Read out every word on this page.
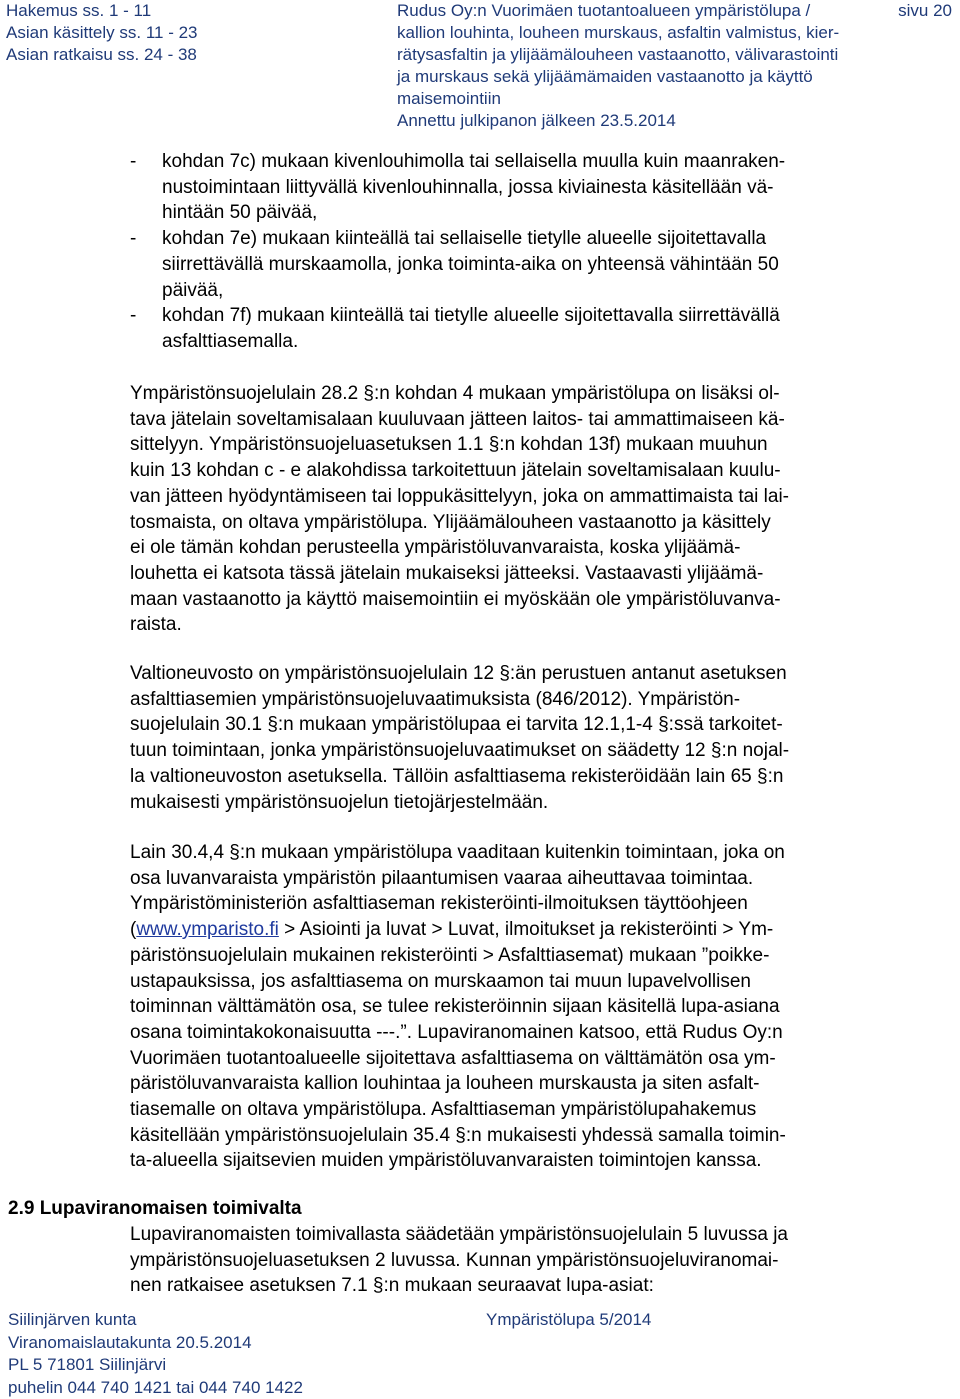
Hakemus ss. 1 - 11
Asian käsittely ss. 11 - 23
Asian ratkaisu ss. 24 - 38
Rudus Oy:n Vuorimäen tuotantoalueen ympäristölupa /
kallion louhinta, louheen murskaus, asfaltin valmistus, kier-
rätysasfaltin ja ylijäämälouheen vastaanotto, välivarastointi
ja murskaus sekä ylijäämämaiden vastaanotto ja käyttö
maisemointiin
Annettu julkipanon jälkeen 23.5.2014
sivu 20
- kohdan 7c) mukaan kivenlouhimolla tai sellaisella muulla kuin maanraken-
nustoimintaan liittyvällä kivenlouhinnalla, jossa kiviainesta käsitellään vä-
hintään 50 päivää,
- kohdan 7e) mukaan kiinteällä tai sellaiselle tietylle alueelle sijoitettavalla
siirrettävällä murskaamolla, jonka toiminta-aika on yhteensä vähintään 50
päivää,
- kohdan 7f) mukaan kiinteällä tai tietylle alueelle sijoitettavalla siirrettävällä
asfalttiasemalla.

Ympäristönsuojelulain 28.2 §:n kohdan 4 mukaan ympäristölupa on lisäksi ol-
tava jätelain soveltamisalaan kuuluvaan jätteen laitos- tai ammattimaiseen kä-
sittelyyn. Ympäristönsuojeluasetuksen 1.1 §:n kohdan 13f) mukaan muuhun
kuin 13 kohdan c - e alakohdissa tarkoitettuun jätelain soveltamisalaan kuulu-
van jätteen hyödyntämiseen tai loppukäsittelyyn, joka on ammattimaista tai lai-
tosmaista, on oltava ympäristölupa. Ylijäämälouheen vastaanotto ja käsittely
ei ole tämän kohdan perusteella ympäristöluvanvaraista, koska ylijäämä-
louhetta ei katsota tässä jätelain mukaiseksi jätteeksi. Vastaavasti ylijäämä-
maan vastaanotto ja käyttö maisemointiin ei myöskään ole ympäristöluvanva-
raista.

Valtioneuvosto on ympäristönsuojelulain 12 §:än perustuen antanut asetuksen
asfalttiasemien ympäristönsuojeluvaatimuksista (846/2012). Ympäristön-
suojelulain 30.1 §:n mukaan ympäristölupaa ei tarvita 12.1,1-4 §:ssä tarkoitet-
tuun toimintaan, jonka ympäristönsuojeluvaatimukset on säädetty 12 §:n nojal-
la valtioneuvoston asetuksella. Tällöin asfalttiasema rekisteröidään lain 65 §:n
mukaisesti ympäristönsuojelun tietojärjestelmään.

Lain 30.4,4 §:n mukaan ympäristölupa vaaditaan kuitenkin toimintaan, joka on
osa luvanvaraista ympäristön pilaantumisen vaaraa aiheuttavaa toimintaa.
Ympäristöministeriön asfalttiaseman rekisteröinti-ilmoituksen täyttöohjeen
(www.ymparisto.fi > Asiointi ja luvat > Luvat, ilmoitukset ja rekisteröinti > Ym-
päristönsuojelulain mukainen rekisteröinti > Asfalttiasemat) mukaan ”poikke-
ustapauksissa, jos asfalttiasema on murskaamon tai muun lupavelvollisen
toiminnan välttämätön osa, se tulee rekisteröinnin sijaan käsitellä lupa-asiana
osana toimintakokonaisuutta ---.”. Lupaviranomainen katsoo, että Rudus Oy:n
Vuorimäen tuotantoalueelle sijoitettava asfalttiasema on välttämätön osa ym-
päristöluvanvaraista kallion louhintaa ja louheen murskausta ja siten asfalt-
tiasemalle on oltava ympäristölupa. Asfalttiaseman ympäristölupahakemus
käsitellään ympäristönsuojelulain 35.4 §:n mukaisesti yhdessä samalla toimin-
ta-alueella sijaitsevien muiden ympäristöluvanvaraisten toimintojen kanssa.

2.9 Lupaviranomaisen toimivalta

Lupaviranomaisten toimivallasta säädetään ympäristönsuojelulain 5 luvussa ja
ympäristönsuojeluasetuksen 2 luvussa. Kunnan ympäristönsuojeluviranomai-
nen ratkaisee asetuksen 7.1 §:n mukaan seuraavat lupa-asiat:

Siilinjärven kunta
Viranomaislautakunta 20.5.2014
PL 5 71801 Siilinjärvi
puhelin 044 740 1421 tai 044 740 1422
Ympäristölupa 5/2014
